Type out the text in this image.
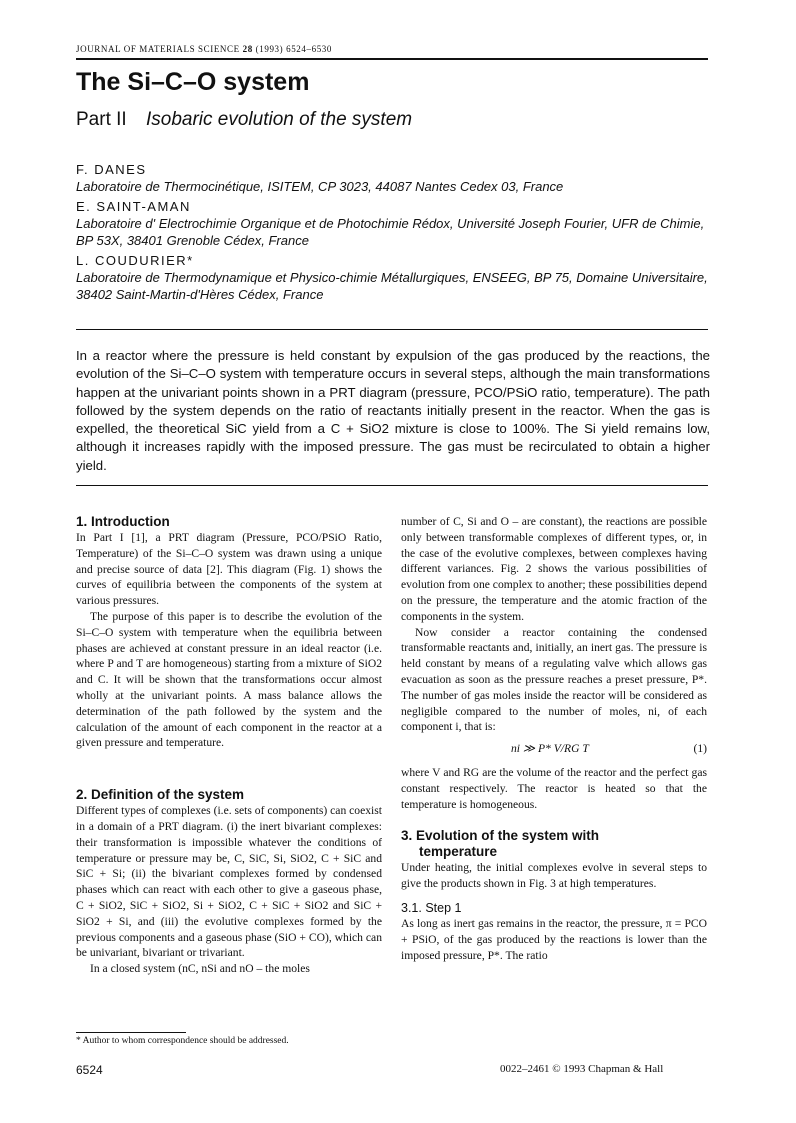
JOURNAL OF MATERIALS SCIENCE 28 (1993) 6524–6530
The Si–C–O system
Part II Isobaric evolution of the system
F. DANES
Laboratoire de Thermocinétique, ISITEM, CP 3023, 44087 Nantes Cedex 03, France
E. SAINT-AMAN
Laboratoire d' Electrochimie Organique et de Photochimie Rédox, Université Joseph Fourier, UFR de Chimie, BP 53X, 38401 Grenoble Cédex, France
L. COUDURIER*
Laboratoire de Thermodynamique et Physico-chimie Métallurgiques, ENSEEG, BP 75, Domaine Universitaire, 38402 Saint-Martin-d'Hères Cédex, France

In a reactor where the pressure is held constant by expulsion of the gas produced by the reactions, the evolution of the Si–C–O system with temperature occurs in several steps, although the main transformations happen at the univariant points shown in a PRT diagram (pressure, PCO/PSiO ratio, temperature). The path followed by the system depends on the ratio of reactants initially present in the reactor. When the gas is expelled, the theoretical SiC yield from a C + SiO2 mixture is close to 100%. The Si yield remains low, although it increases rapidly with the imposed pressure. The gas must be recirculated to obtain a higher yield.

1. Introduction

In Part I [1], a PRT diagram (Pressure, PCO/PSiO Ratio, Temperature) of the Si–C–O system was drawn using a unique and precise source of data [2]. This diagram (Fig. 1) shows the curves of equilibria between the components of the system at various pressures.

The purpose of this paper is to describe the evolution of the Si–C–O system with temperature when the equilibria between phases are achieved at constant pressure in an ideal reactor (i.e. where P and T are homogeneous) starting from a mixture of SiO2 and C. It will be shown that the transformations occur almost wholly at the univariant points. A mass balance allows the determination of the path followed by the system and the calculation of the amount of each component in the reactor at a given pressure and temperature.

2. Definition of the system

Different types of complexes (i.e. sets of components) can coexist in a domain of a PRT diagram. (i) the inert bivariant complexes: their transformation is impossible whatever the conditions of temperature or pressure may be, C, SiC, Si, SiO2, C + SiC and SiC + Si; (ii) the bivariant complexes formed by condensed phases which can react with each other to give a gaseous phase, C + SiO2, SiC + SiO2, Si + SiO2, C + SiC + SiO2 and SiC + SiO2 + Si, and (iii) the evolutive complexes formed by the previous components and a gaseous phase (SiO + CO), which can be univariant, bivariant or trivariant.

In a closed system (nC, nSi and nO – the moles

number of C, Si and O – are constant), the reactions are possible only between transformable complexes of different types, or, in the case of the evolutive complexes, between complexes having different variances. Fig. 2 shows the various possibilities of evolution from one complex to another; these possibilities depend on the pressure, the temperature and the atomic fraction of the components in the system.

Now consider a reactor containing the condensed transformable reactants and, initially, an inert gas. The pressure is held constant by means of a regulating valve which allows gas evacuation as soon as the pressure reaches a preset pressure, P*. The number of gas moles inside the reactor will be considered as negligible compared to the number of moles, ni, of each component i, that is:

ni ≫ P* V/RG T	(1)

where V and RG are the volume of the reactor and the perfect gas constant respectively. The reactor is heated so that the temperature is homogeneous.

3. Evolution of the system with
temperature

Under heating, the initial complexes evolve in several steps to give the products shown in Fig. 3 at high temperatures.

3.1. Step 1

As long as inert gas remains in the reactor, the pressure, π = PCO + PSiO, of the gas produced by the reactions is lower than the imposed pressure, P*. The ratio

* Author to whom correspondence should be addressed.
6524	0022–2461 © 1993 Chapman & Hall
